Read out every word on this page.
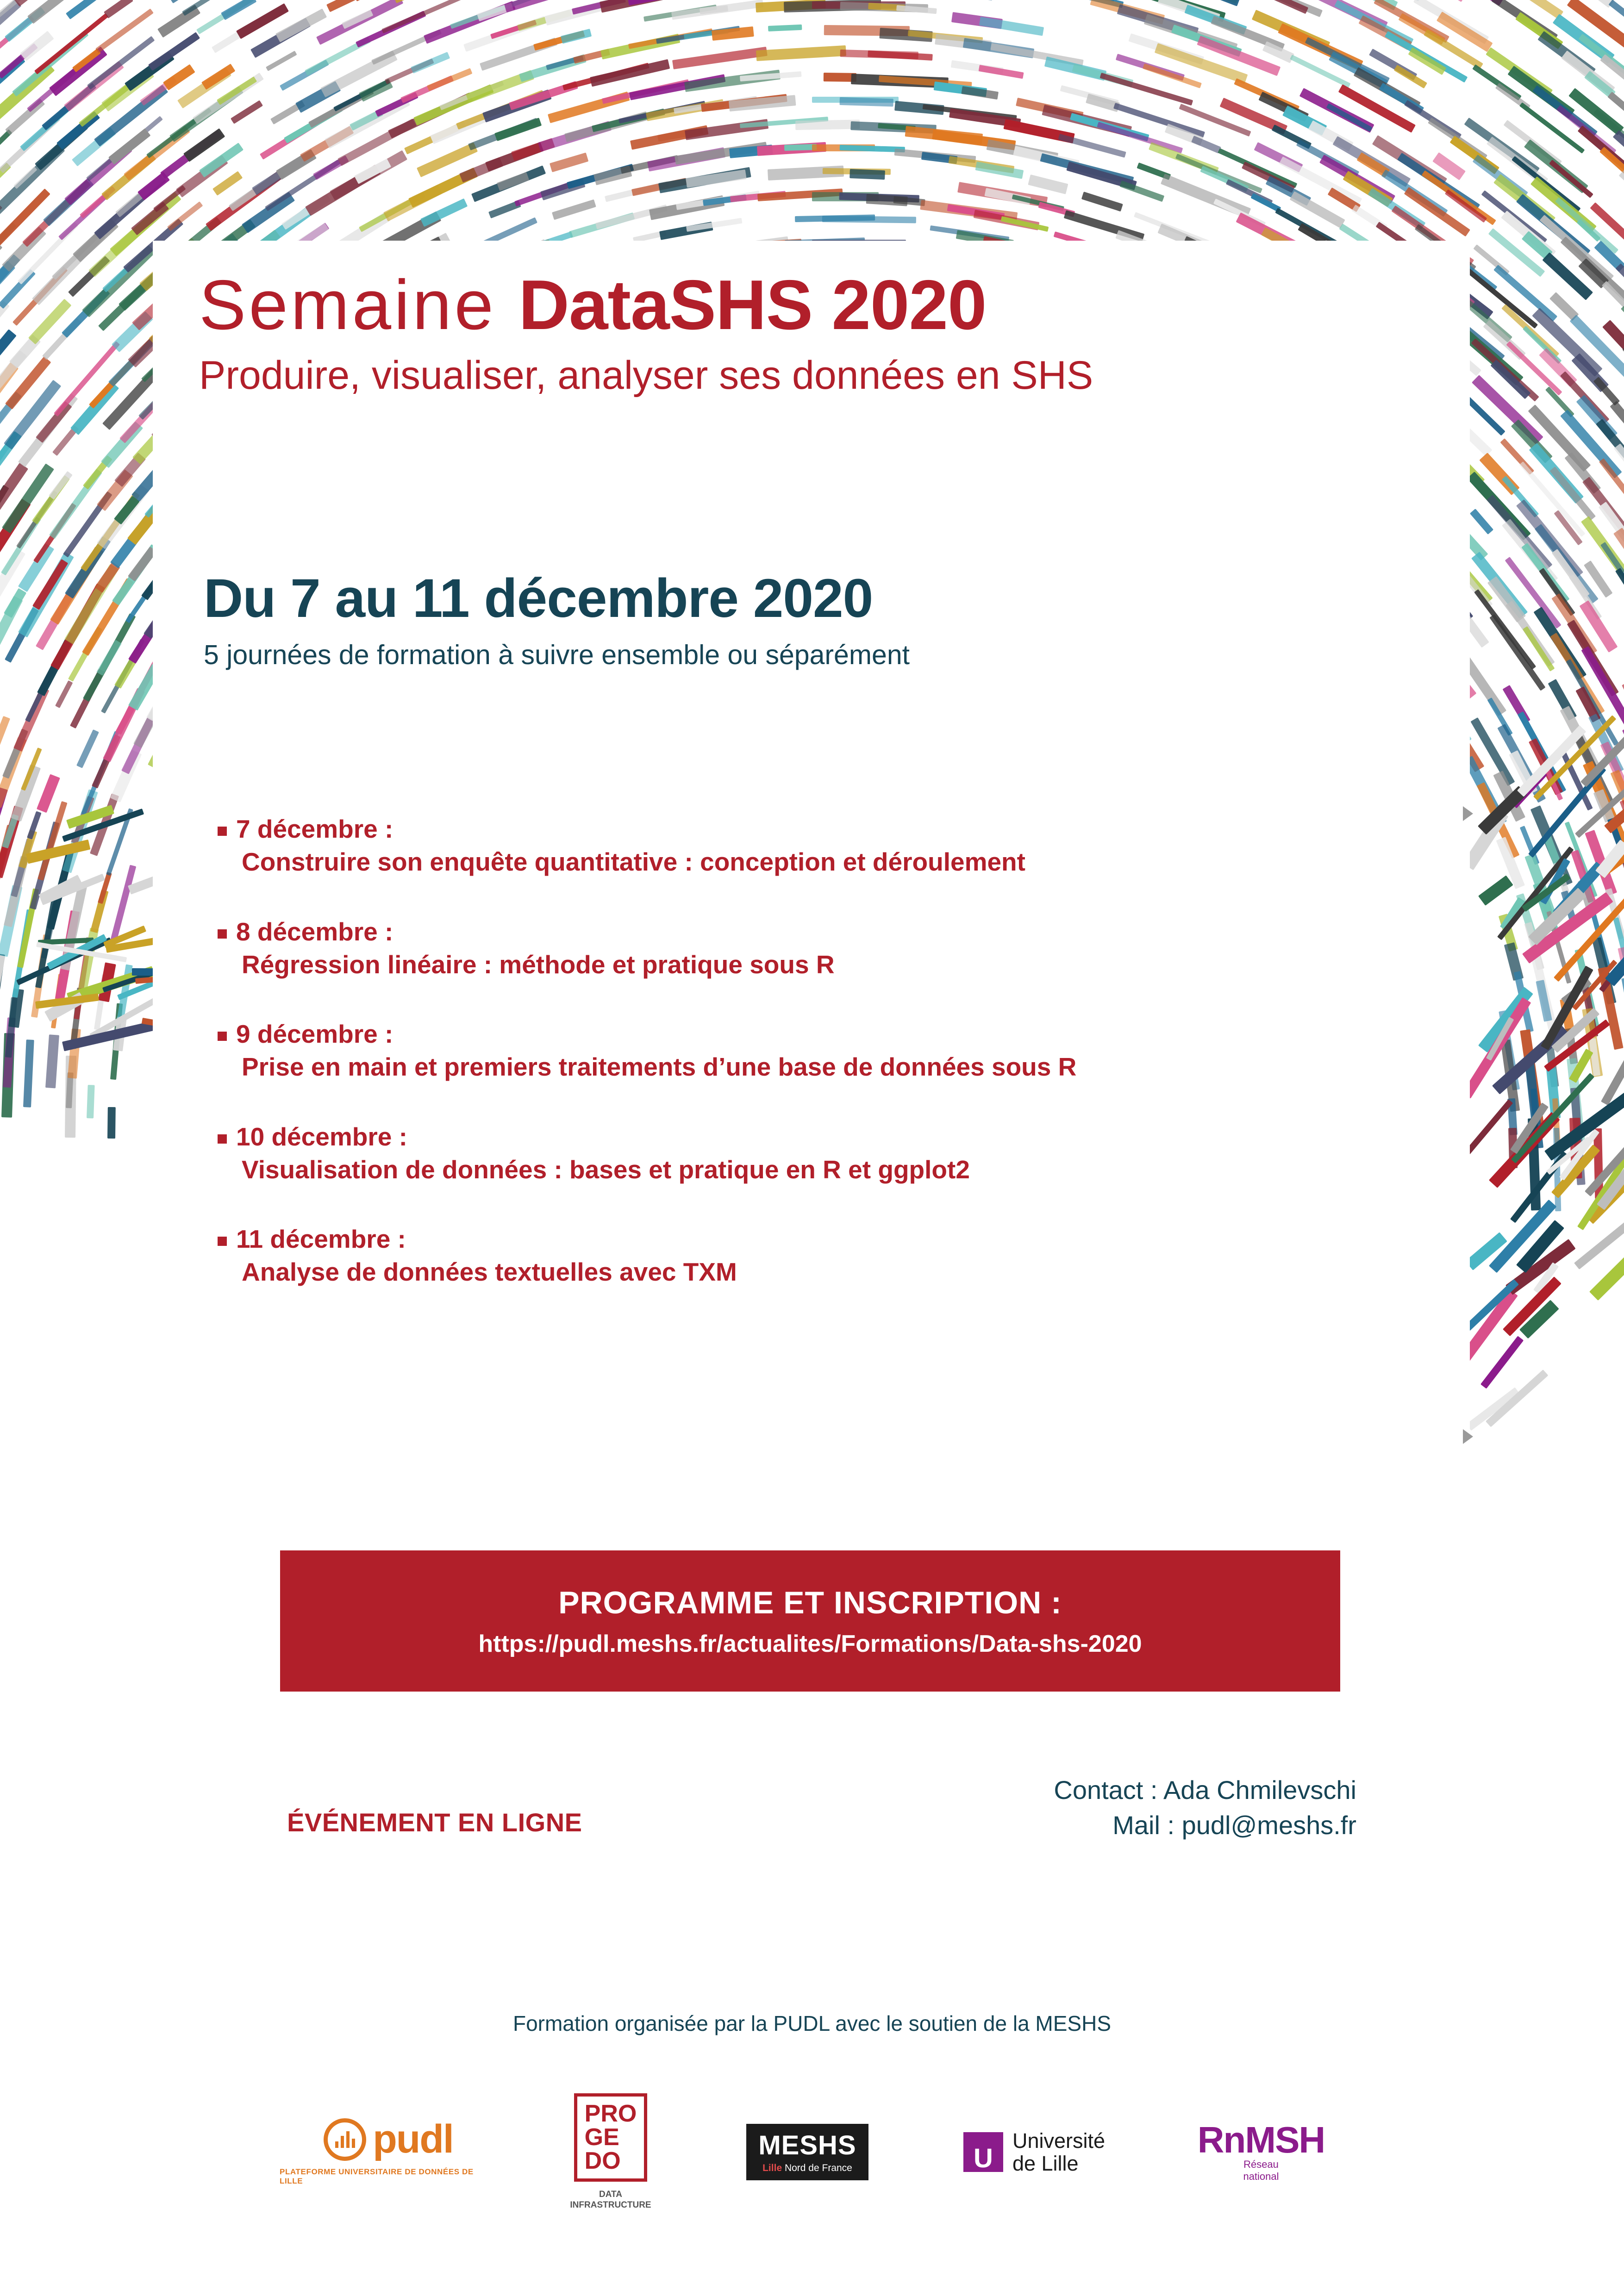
Semaine DataSHS 2020
Produire, visualiser, analyser ses données en SHS
Du 7 au 11 décembre 2020
5 journées de formation à suivre ensemble ou séparément
7 décembre :
Construire son enquête quantitative : conception et déroulement
8 décembre :
Régression linéaire : méthode et pratique sous R
9 décembre :
Prise en main et premiers traitements d’une base de données sous R
10 décembre :
Visualisation de données : bases et pratique en R et ggplot2
11 décembre :
Analyse de données textuelles avec TXM
PROGRAMME ET INSCRIPTION :
https://pudl.meshs.fr/actualites/Formations/Data-shs-2020
ÉVÉNEMENT EN LIGNE
Contact : Ada Chmilevschi
Mail : pudl@meshs.fr
Formation organisée par la PUDL avec le soutien de la MESHS
pudl
PLATEFORME UNIVERSITAIRE DE DONNÉES DE LILLE
PRO
GE
DO
DATA
INFRASTRUCTURE
MESHS
Lille Nord de France	U
Université
de Lille
RnMSH
Réseau
national
